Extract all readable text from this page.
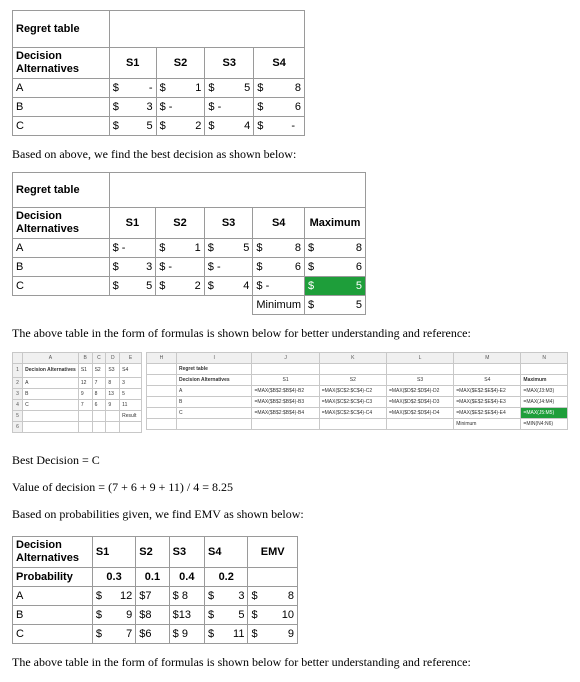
Regret table				
Decision
Alternatives	S1	S2	S3	S4
A	$ -	$ 1	$ 5	$ 8

B	$ 3	$ -	$ -	$ 6

C	$ 5	$ 2	$ 4	$ -
Based on above, we find the best decision as shown below:
Regret table					
Decision
Alternatives	S1	S2	S3	S4	Maximum
A	$ -	$ 1	$ 5	$ 8	$ 8

B	$ 3	$ -	$ -	$ 6	$ 6

C	$ 5	$ 2	$ 4	$ -	$ 5

				Minimum	$ 5
The above table in the form of formulas is shown below for better understanding and reference:
	A	B	C	D	E
1	Decision Alternatives	S1	S2	S3	S4
2	A	12	7	8	3
3	B	9	8	13	5
4	C	7	6	9	11
5					Result
6					
H	I	J	K	L	M	N
	Regret table					
	Decision Alternatives	S1	S2	S3	S4	Maximum
	A	=MAX($B$2:$B$4)-B2	=MAX($C$2:$C$4)-C2	=MAX($D$2:$D$4)-D2	=MAX($E$2:$E$4)-E2	=MAX(J3:M3)
	B	=MAX($B$2:$B$4)-B3	=MAX($C$2:$C$4)-C3	=MAX($D$2:$D$4)-D3	=MAX($E$2:$E$4)-E3	=MAX(J4:M4)
	C	=MAX($B$2:$B$4)-B4	=MAX($C$2:$C$4)-C4	=MAX($D$2:$D$4)-D4	=MAX($E$2:$E$4)-E4	=MAX(J5:M5)
					Minimum	=MIN(N4:N6)
Best Decision = C
Value of decision = (7 + 6 + 9 + 11) / 4 = 8.25
Based on probabilities given, we find EMV as shown below:
Decision
Alternatives	S1	S2	S3	S4	EMV
Probability	0.3	0.1	0.4	0.2	
A	$ 12	$7	$ 8	$ 3	$ 8

B	$ 9	$8	$13	$ 5	$ 10

C	$ 7	$6	$ 9	$ 11	$ 9
The above table in the form of formulas is shown below for better understanding and reference:
